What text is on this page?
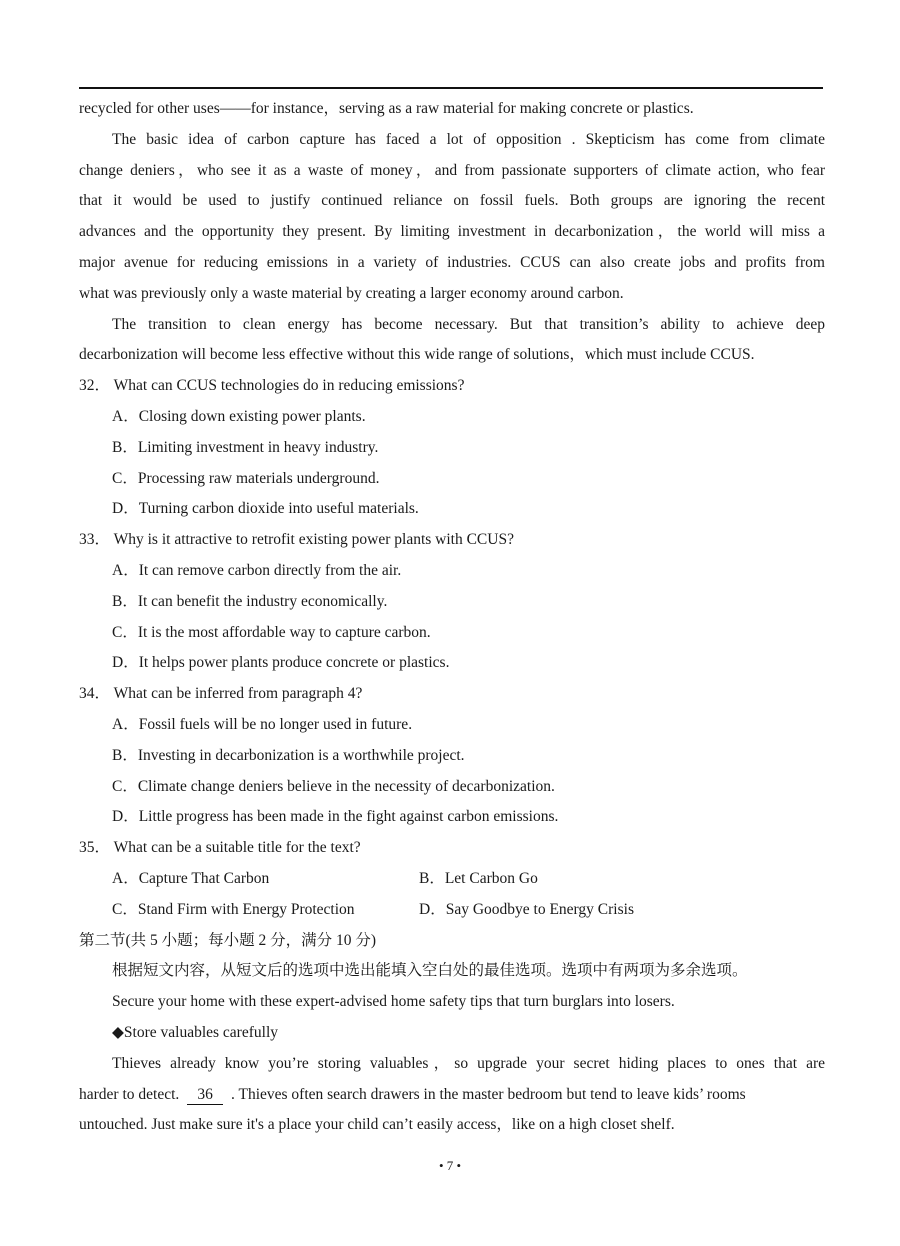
recycled for other uses——for instance，serving as a raw material for making concrete or plastics.
The basic idea of carbon capture has faced a lot of opposition . Skepticism has come from climate
change deniers，who see it as a waste of money，and from passionate supporters of climate action, who fear
that it would be used to justify continued reliance on fossil fuels. Both groups are ignoring the recent
advances and the opportunity they present. By limiting investment in decarbonization，the world will miss a
major avenue for reducing emissions in a variety of industries. CCUS can also create jobs and profits from
what was previously only a waste material by creating a larger economy around carbon.
The transition to clean energy has become necessary. But that transition’s ability to achieve deep
decarbonization will become less effective without this wide range of solutions，which must include CCUS.
32． What can CCUS technologies do in reducing emissions?
A．Closing down existing power plants.
B．Limiting investment in heavy industry.
C．Processing raw materials underground.
D．Turning carbon dioxide into useful materials.
33． Why is it attractive to retrofit existing power plants with CCUS?
A．It can remove carbon directly from the air.
B．It can benefit the industry economically.
C．It is the most affordable way to capture carbon.
D．It helps power plants produce concrete or plastics.
34． What can be inferred from paragraph 4?
A．Fossil fuels will be no longer used in future.
B．Investing in decarbonization is a worthwhile project.
C．Climate change deniers believe in the necessity of decarbonization.
D．Little progress has been made in the fight against carbon emissions.
35． What can be a suitable title for the text?
A．Capture That Carbon	B．Let Carbon Go
C．Stand Firm with Energy Protection	D．Say Goodbye to Energy Crisis
第二节(共 5 小题；每小题 2 分，满分 10 分)
根据短文内容，从短文后的选项中选出能填入空白处的最佳选项。选项中有两项为多余选项。
Secure your home with these expert-advised home safety tips that turn burglars into losers.
◆Store valuables carefully
Thieves already know you’re storing valuables，so upgrade your secret hiding places to ones that are
harder to detect. 36 . Thieves often search drawers in the master bedroom but tend to leave kids’ rooms
untouched. Just make sure it's a place your child can’t easily access，like on a high closet shelf.
• 7 •
